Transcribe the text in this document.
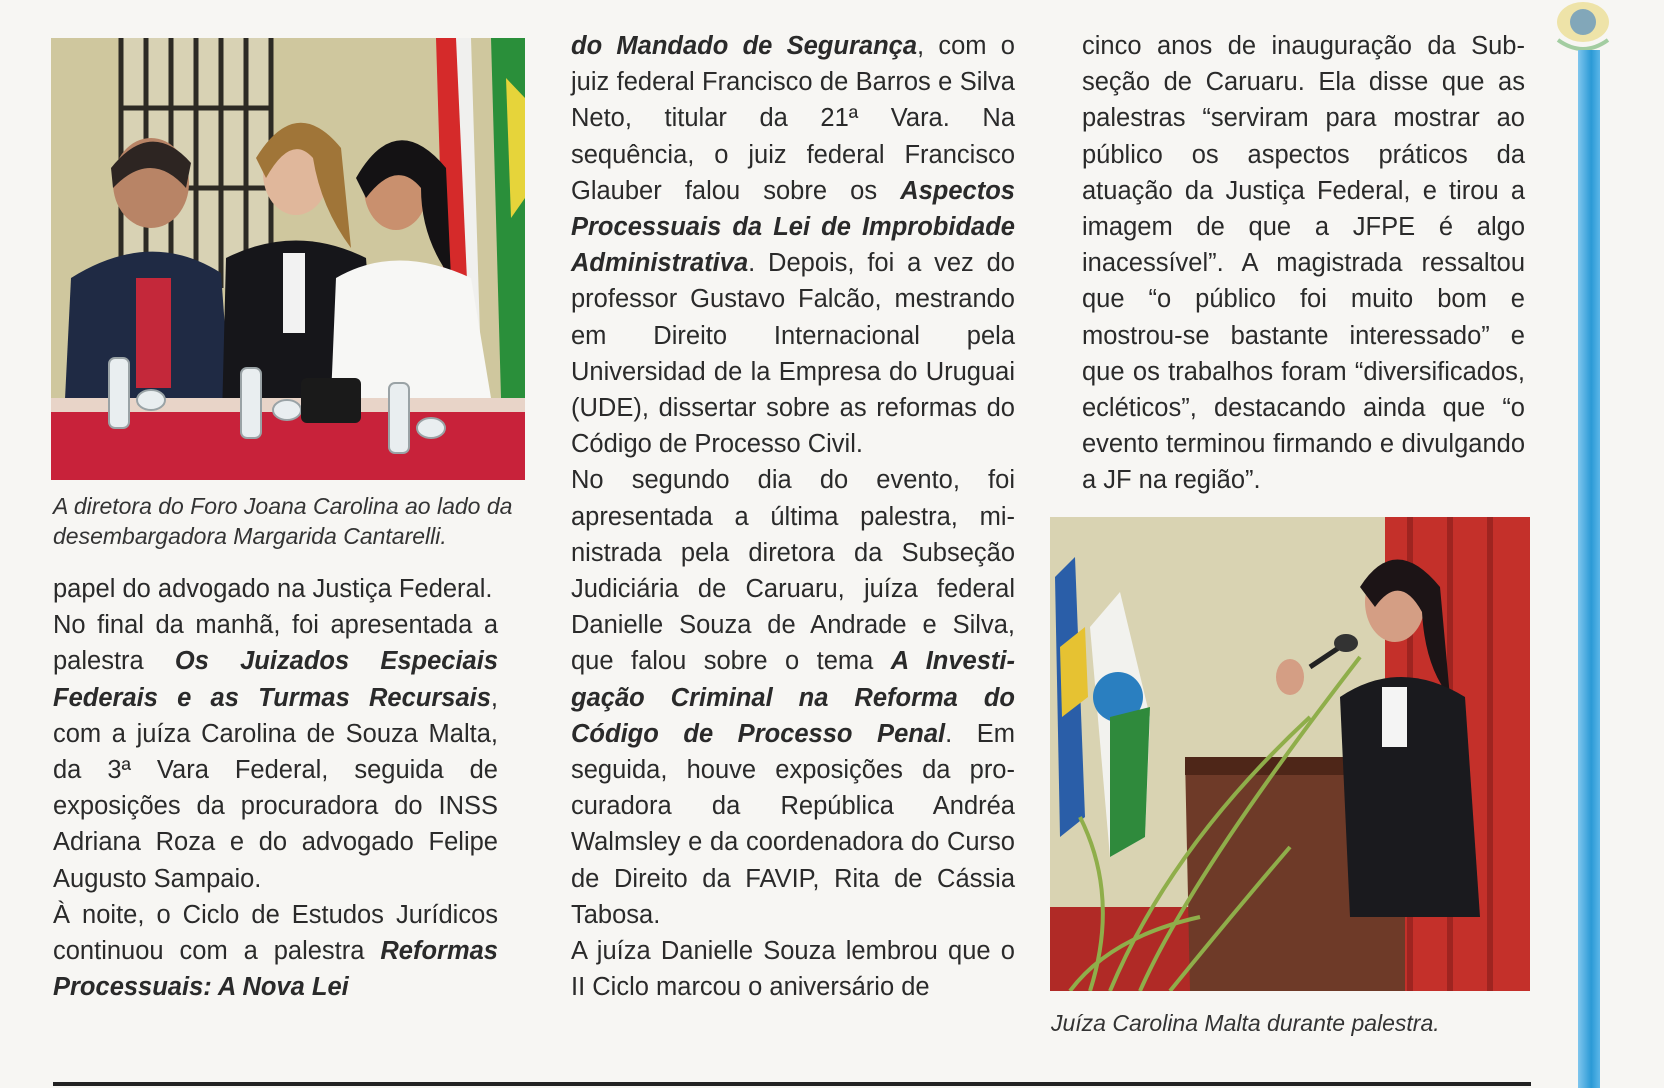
A diretora do Foro Joana Carolina ao lado da desembargadora Margarida Cantarelli.
Juíza Carolina Malta durante palestra.

papel do advogado na Justiça Federal.

No final da manhã, foi apresentada a palestra Os Juizados Especiais Federais e as Turmas Recursais, com a juíza Carolina de Souza Malta, da 3ª Vara Federal, seguida de exposições da procuradora do INSS Adriana Roza e do advogado Felipe Augusto Sampaio.

À noite, o Ciclo de Estudos Jurídicos continuou com a palestra Reformas Processuais: A Nova Lei

do Mandado de Segurança, com o juiz federal Francisco de Barros e Silva Neto, titular da 21ª Vara. Na sequência, o juiz federal Francisco Glauber falou sobre os Aspectos Processuais da Lei de Improbidade Administrativa. Depois, foi a vez do professor Gustavo Falcão, mestrando em Direito Internacional pela Universidad de la Empresa do Uruguai (UDE), dissertar sobre as reformas do Código de Processo Civil.

No segundo dia do evento, foi apresentada a última palestra, ministrada pela diretora da Subseção Judiciária de Caruaru, juíza federal Danielle Souza de Andrade e Silva, que falou sobre o tema A Investigação Criminal na Reforma do Código de Processo Penal. Em seguida, houve exposições da procuradora da República Andréa Walmsley e da coordenadora do Curso de Direito da FAVIP, Rita de Cássia Tabosa.

A juíza Danielle Souza lembrou que o II Ciclo marcou o aniversário de

cinco anos de inauguração da Subseção de Caruaru. Ela disse que as palestras “serviram para mostrar ao público os aspectos práticos da atuação da Justiça Federal, e tirou a imagem de que a JFPE é algo inacessível”. A magistrada ressaltou que “o público foi muito bom e mostrou-se bastante interessado” e que os trabalhos foram “diversificados, ecléticos”, destacando ainda que “o evento terminou firmando e divulgando a JF na região”.
